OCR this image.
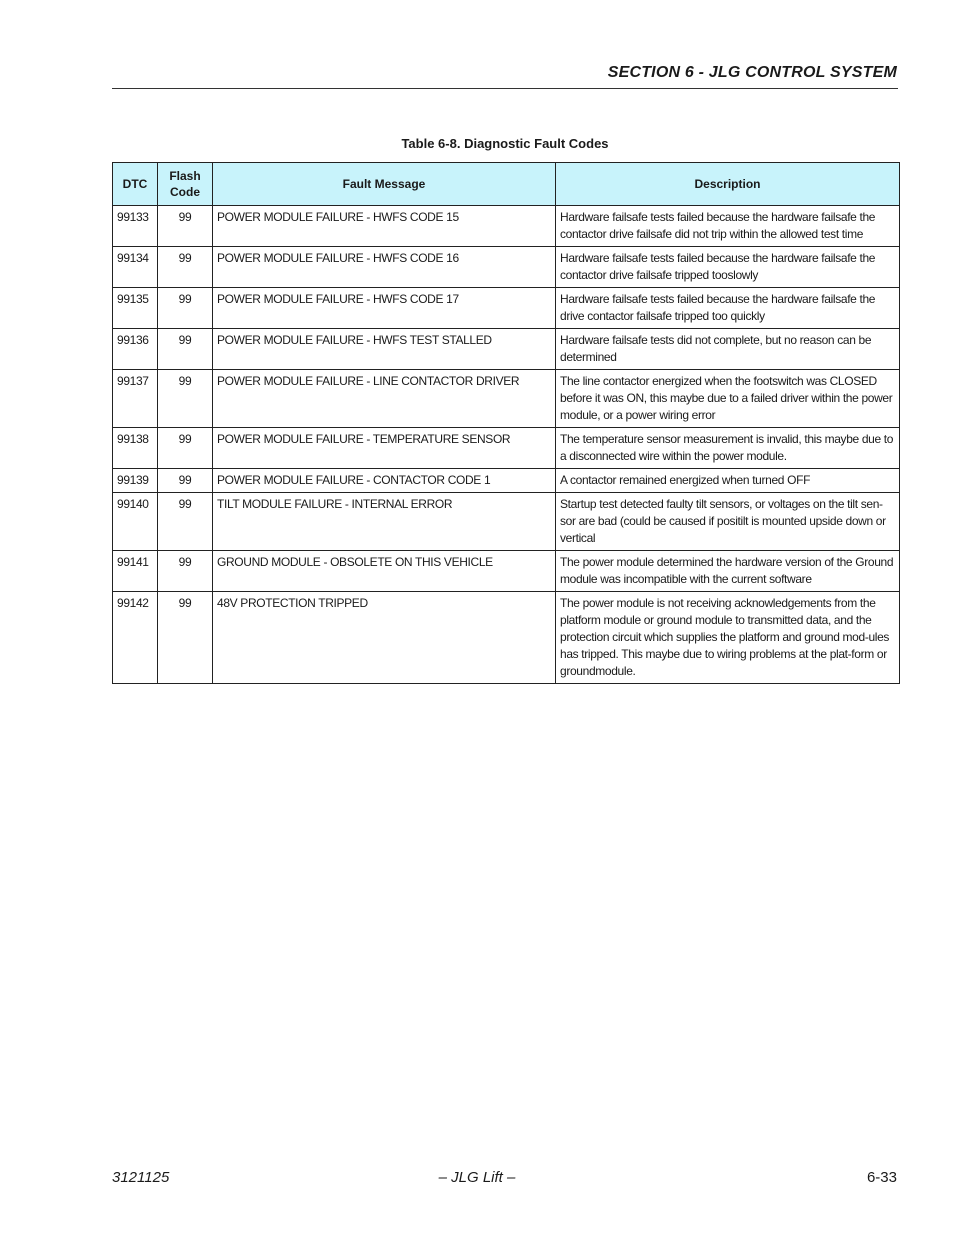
SECTION 6 - JLG CONTROL SYSTEM
Table 6-8. Diagnostic Fault Codes
DTC	Flash Code	Fault Message	Description
99133	99	POWER MODULE FAILURE - HWFS CODE 15	Hardware failsafe tests failed because the hardware failsafe the contactor drive failsafe did not trip within the allowed test time
99134	99	POWER MODULE FAILURE - HWFS CODE 16	Hardware failsafe tests failed because the hardware failsafe the contactor drive failsafe tripped tooslowly
99135	99	POWER MODULE FAILURE - HWFS CODE 17	Hardware failsafe tests failed because the hardware failsafe the drive contactor failsafe tripped too quickly
99136	99	POWER MODULE FAILURE - HWFS TEST STALLED	Hardware failsafe tests did not complete, but no reason can be determined
99137	99	POWER MODULE FAILURE - LINE CONTACTOR DRIVER	The line contactor energized when the footswitch was CLOSED before it was ON, this maybe due to a failed driver within the power module, or a power wiring error
99138	99	POWER MODULE FAILURE - TEMPERATURE SENSOR	The temperature sensor measurement is invalid, this maybe due to a disconnected wire within the power module.
99139	99	POWER MODULE FAILURE - CONTACTOR CODE 1	A contactor remained energized when turned OFF
99140	99	TILT MODULE FAILURE - INTERNAL ERROR	Startup test detected faulty tilt sensors, or voltages on the tilt sen-sor are bad (could be caused if positilt is mounted upside down or vertical
99141	99	GROUND MODULE - OBSOLETE ON THIS VEHICLE	The power module determined the hardware version of the Ground module was incompatible with the current software
99142	99	48V PROTECTION TRIPPED	The power module is not receiving acknowledgements from the platform module or ground module to transmitted data, and the protection circuit which supplies the platform and ground mod-ules has tripped. This maybe due to wiring problems at the plat-form or groundmodule.
3121125	– JLG Lift –	6-33
